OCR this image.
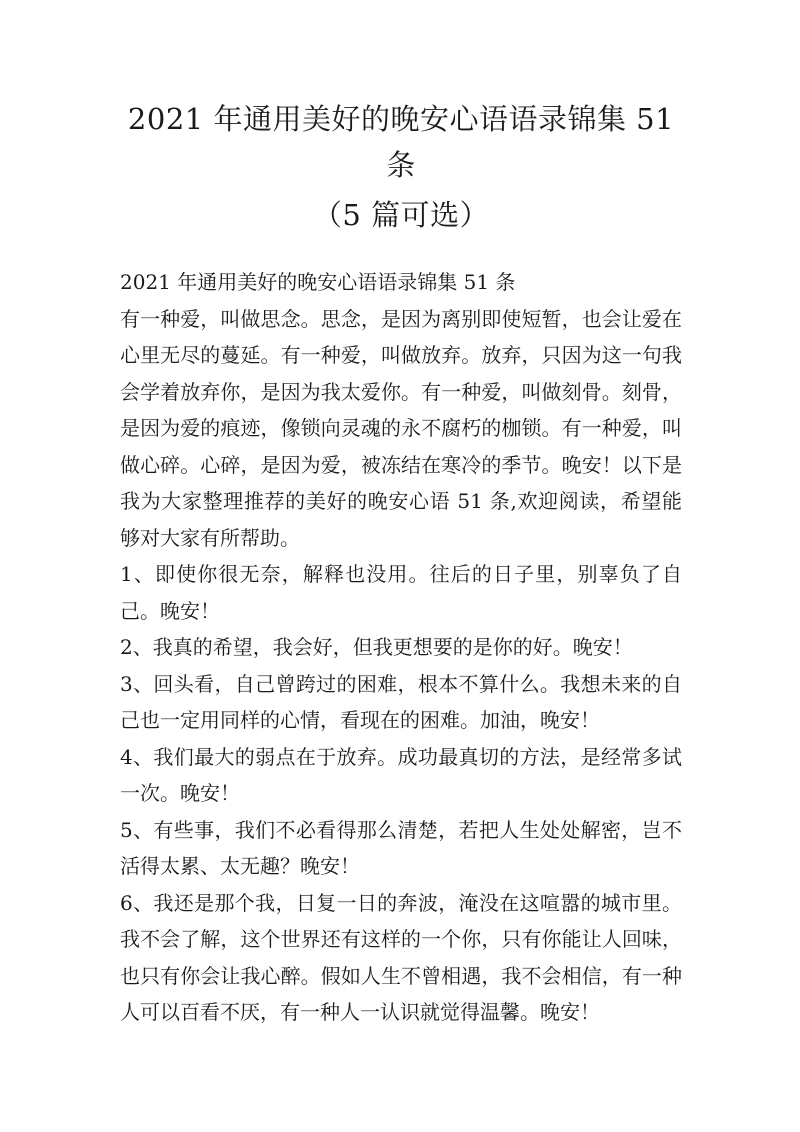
2021 年通用美好的晚安心语语录锦集 51 条
（5 篇可选）

2021 年通用美好的晚安心语语录锦集 51 条

有一种爱，叫做思念。思念，是因为离别即使短暂，也会让爱在心里无尽的蔓延。有一种爱，叫做放弃。放弃，只因为这一句我会学着放弃你，是因为我太爱你。有一种爱，叫做刻骨。刻骨，是因为爱的痕迹，像锁向灵魂的永不腐朽的枷锁。有一种爱，叫做心碎。心碎，是因为爱，被冻结在寒冷的季节。晚安！以下是我为大家整理推荐的美好的晚安心语 51 条,欢迎阅读，希望能够对大家有所帮助。

1、即使你很无奈，解释也没用。往后的日子里，别辜负了自己。晚安！

2、我真的希望，我会好，但我更想要的是你的好。晚安！

3、回头看，自己曾跨过的困难，根本不算什么。我想未来的自己也一定用同样的心情，看现在的困难。加油，晚安！

4、我们最大的弱点在于放弃。成功最真切的方法，是经常多试一次。晚安！

5、有些事，我们不必看得那么清楚，若把人生处处解密，岂不活得太累、太无趣？晚安！

6、我还是那个我，日复一日的奔波，淹没在这喧嚣的城市里。我不会了解，这个世界还有这样的一个你，只有你能让人回味，也只有你会让我心醉。假如人生不曾相遇，我不会相信，有一种人可以百看不厌，有一种人一认识就觉得温馨。晚安！
